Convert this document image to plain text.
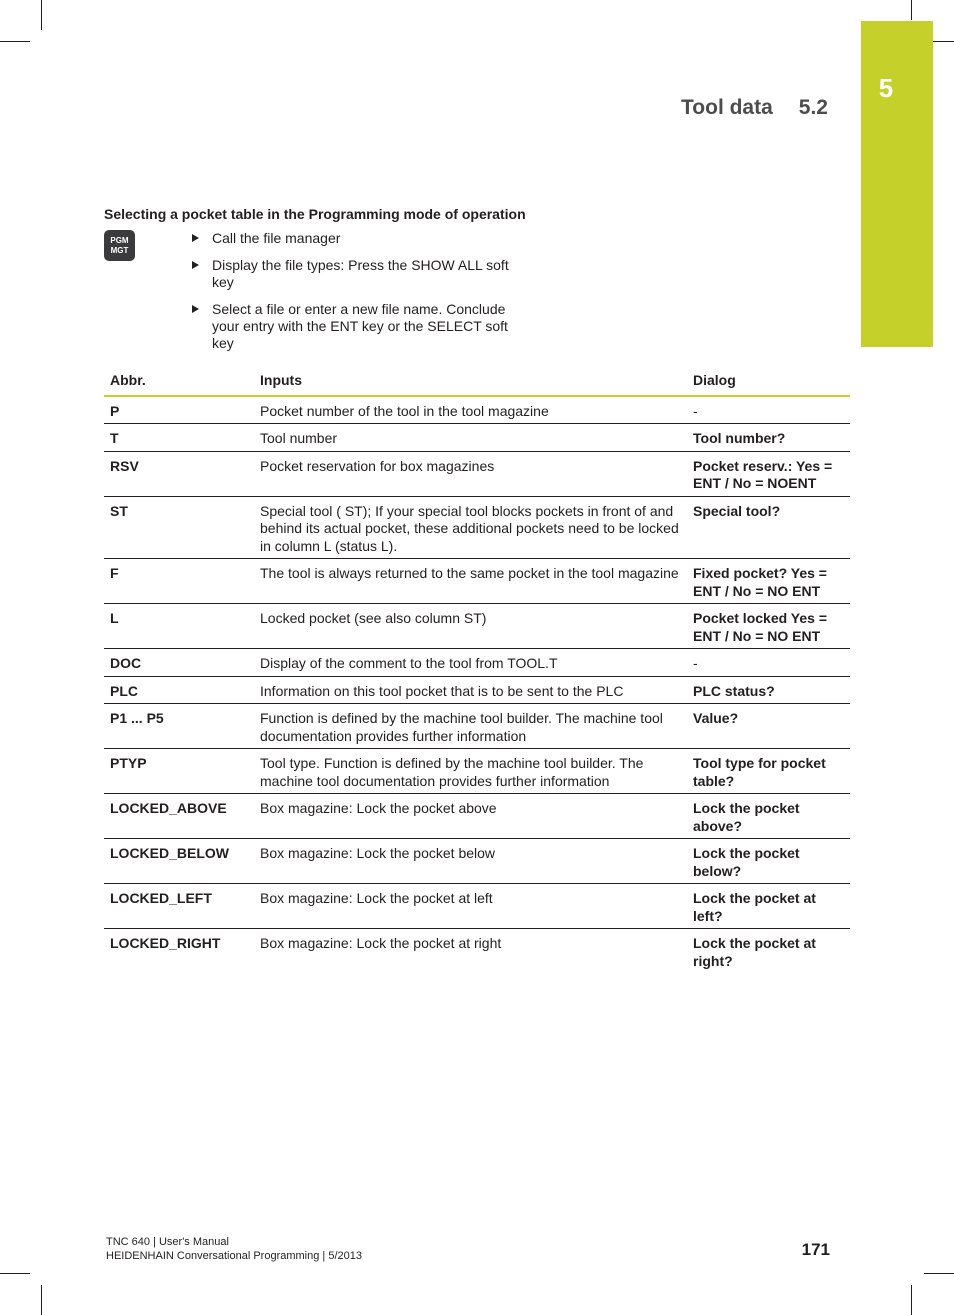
5
Tool data 5.2
Selecting a pocket table in the Programming mode of operation
PGM
MGT
Call the file manager
Display the file types: Press the SHOW ALL soft key
Select a file or enter a new file name. Conclude your entry with the ENT key or the SELECT soft key
Abbr.	Inputs	Dialog
P	Pocket number of the tool in the tool magazine	-
T	Tool number	Tool number?
RSV	Pocket reservation for box magazines	Pocket reserv.: Yes = ENT / No = NOENT
ST	Special tool ( ST); If your special tool blocks pockets in front of and behind its actual pocket, these additional pockets need to be locked in column L (status L).	Special tool?
F	The tool is always returned to the same pocket in the tool magazine	Fixed pocket? Yes = ENT / No = NO ENT
L	Locked pocket (see also column ST)	Pocket locked Yes = ENT / No = NO ENT
DOC	Display of the comment to the tool from TOOL.T	-
PLC	Information on this tool pocket that is to be sent to the PLC	PLC status?
P1 ... P5	Function is defined by the machine tool builder. The machine tool documentation provides further information	Value?
PTYP	Tool type. Function is defined by the machine tool builder. The machine tool documentation provides further information	Tool type for pocket table?
LOCKED_ABOVE	Box magazine: Lock the pocket above	Lock the pocket above?
LOCKED_BELOW	Box magazine: Lock the pocket below	Lock the pocket below?
LOCKED_LEFT	Box magazine: Lock the pocket at left	Lock the pocket at left?
LOCKED_RIGHT	Box magazine: Lock the pocket at right	Lock the pocket at right?
TNC 640 | User's Manual
HEIDENHAIN Conversational Programming | 5/2013	171
